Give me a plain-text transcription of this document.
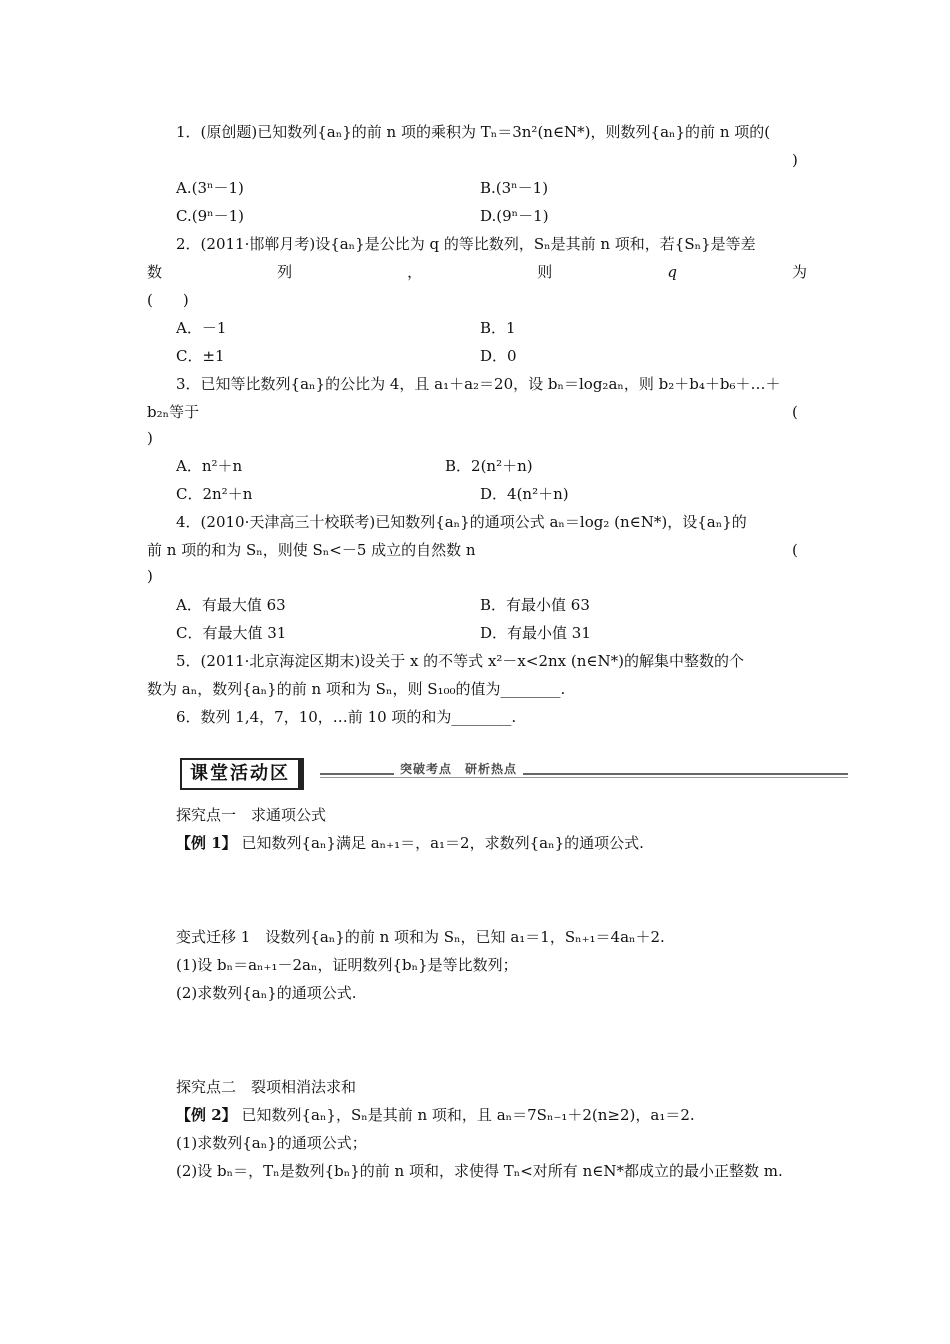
1．(原创题)已知数列{aₙ}的前 n 项的乘积为 Tₙ＝3n²(n∈N*)，则数列{aₙ}的前 n 项的(
)
A.(3ⁿ－1)	B.(3ⁿ－1)
C.(9ⁿ－1)	D.(9ⁿ－1)
2．(2011·邯郸月考)设{aₙ}是公比为 q 的等比数列，Sₙ是其前 n 项和，若{Sₙ}是等差
数	列	，	则	q	为
(　　)
A．－1	B．1
C．±1	D．0
3．已知等比数列{aₙ}的公比为 4，且 a₁＋a₂＝20，设 bₙ＝log₂aₙ，则 b₂＋b₄＋b₆＋…＋
b₂ₙ等于	(
)
A．n²＋n	B．2(n²＋n)
C．2n²＋n	D．4(n²＋n)
4．(2010·天津高三十校联考)已知数列{aₙ}的通项公式 aₙ＝log₂ (n∈N*)，设{aₙ}的
前 n 项的和为 Sₙ，则使 Sₙ<－5 成立的自然数 n	(
)
A．有最大值 63	B．有最小值 63
C．有最大值 31	D．有最小值 31
5．(2011·北京海淀区期末)设关于 x 的不等式 x²－x<2nx (n∈N*)的解集中整数的个
数为 aₙ，数列{aₙ}的前 n 项和为 Sₙ，则 S₁₀₀的值为________.
6．数列 1,4，7，10，…前 10 项的和为________.
课堂活动区	突破考点　研析热点
探究点一　求通项公式
【例 1】 已知数列{aₙ}满足 aₙ₊₁＝，a₁＝2，求数列{aₙ}的通项公式.
变式迁移 1　设数列{aₙ}的前 n 项和为 Sₙ，已知 a₁＝1，Sₙ₊₁＝4aₙ＋2.
(1)设 bₙ＝aₙ₊₁－2aₙ，证明数列{bₙ}是等比数列；
(2)求数列{aₙ}的通项公式.
探究点二　裂项相消法求和
【例 2】 已知数列{aₙ}，Sₙ是其前 n 项和，且 aₙ＝7Sₙ₋₁＋2(n≥2)，a₁＝2.
(1)求数列{aₙ}的通项公式；
(2)设 bₙ＝，Tₙ是数列{bₙ}的前 n 项和，求使得 Tₙ<对所有 n∈N*都成立的最小正整数 m.
